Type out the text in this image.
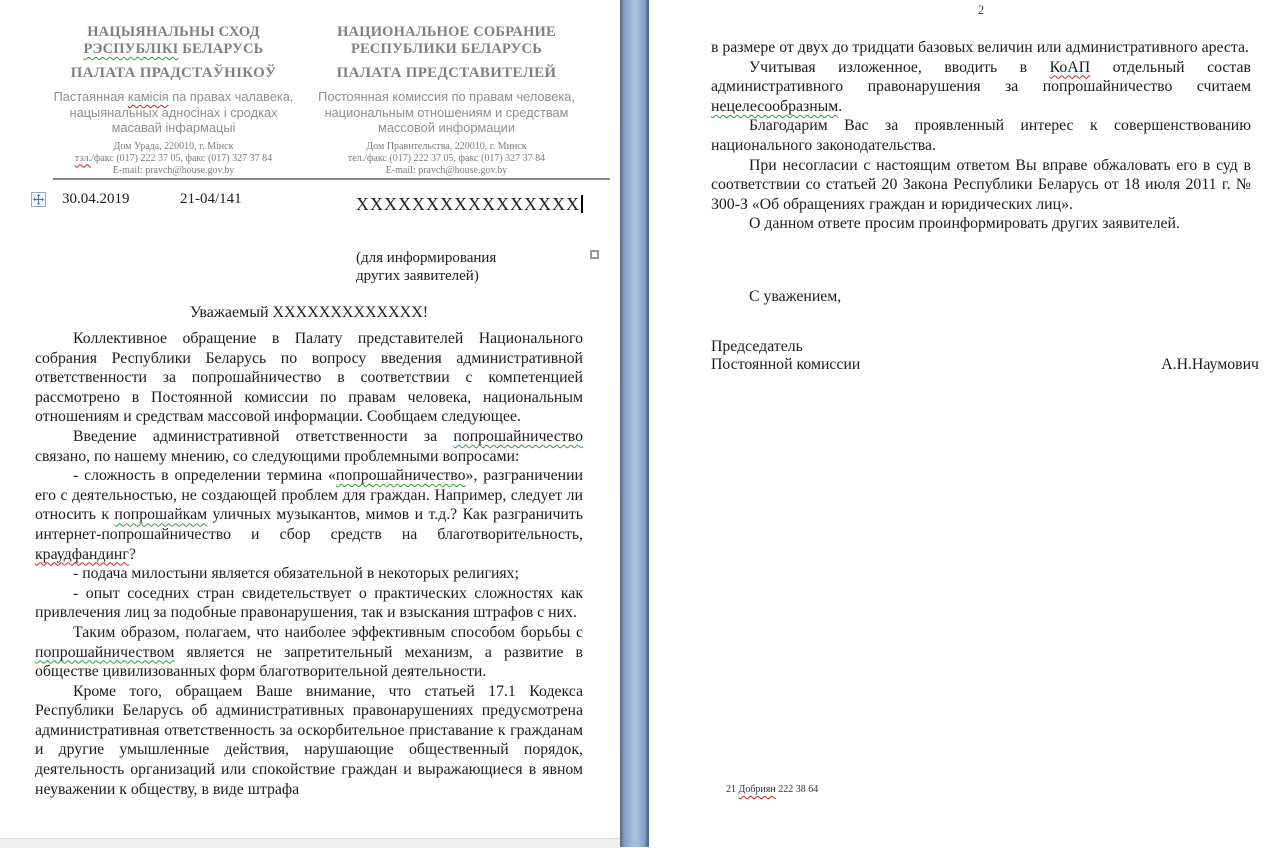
НАЦЫЯНАЛЬНЫ СХОД
РЭСПУБЛІКІ БЕЛАРУСЬ
ПАЛАТА ПРАДСТАЎНІКОЎ
Пастаянная камісія па правах чалавека, нацыянальных адносінах і сродках масавай інфармацыі
Дом Урада, 220010, г. Мінск
тэл./факс (017) 222 37 05, факс (017) 327 37 84
E-mail: pravch@house.gov.by
НАЦИОНАЛЬНОЕ СОБРАНИЕ
РЕСПУБЛИКИ БЕЛАРУСЬ
ПАЛАТА ПРЕДСТАВИТЕЛЕЙ
Постоянная комиссия по правам человека, национальным отношениям и средствам массовой информации
Дом Правительства, 220010, г. Минск
тел./факс (017) 222 37 05, факс (017) 327 37 84
E-mail: pravch@house.gov.by
30.04.2019	21-04/141	XXXXXXXXXXXXXXXX
(для информирования
других заявителей)
Уважаемый XXXXXXXXXXXXX!

Коллективное обращение в Палату представителей Национального собрания Республики Беларусь по вопросу введения административной ответственности за попрошайничество в соответствии с компетенцией рассмотрено в Постоянной комиссии по правам человека, национальным отношениям и средствам массовой информации. Сообщаем следующее.

Введение административной ответственности за попрошайничество связано, по нашему мнению, со следующими проблемными вопросами:

- сложность в определении термина «попрошайничество», разграничении его с деятельностью, не создающей проблем для граждан. Например, следует ли относить к попрошайкам уличных музыкантов, мимов и т.д.? Как разграничить интернет-попрошайничество и сбор средств на благотворительность, краудфандинг?

- подача милостыни является обязательной в некоторых религиях;

- опыт соседних стран свидетельствует о практических сложностях как привлечения лиц за подобные правонарушения, так и взыскания штрафов с них.

Таким образом, полагаем, что наиболее эффективным способом борьбы с попрошайничеством является не запретительный механизм, а развитие в обществе цивилизованных форм благотворительной деятельности.

Кроме того, обращаем Ваше внимание, что статьей 17.1 Кодекса Республики Беларусь об административных правонарушениях предусмотрена административная ответственность за оскорбительное приставание к гражданам и другие умышленные действия, нарушающие общественный порядок, деятельность организаций или спокойствие граждан и выражающиеся в явном неуважении к обществу, в виде штрафа

2

в размере от двух до тридцати базовых величин или административного ареста.

Учитывая изложенное, вводить в КоАП отдельный состав административного правонарушения за попрошайничество считаем нецелесообразным.

Благодарим Вас за проявленный интерес к совершенствованию национального законодательства.

При несогласии с настоящим ответом Вы вправе обжаловать его в суд в соответствии со статьей 20 Закона Республики Беларусь от 18 июля 2011 г. № 300-З «Об обращениях граждан и юридических лиц».

О данном ответе просим проинформировать других заявителей.

С уважением,
Председатель
Постоянной комиссии	А.Н.Наумович
21 Добриян 222 38 64
